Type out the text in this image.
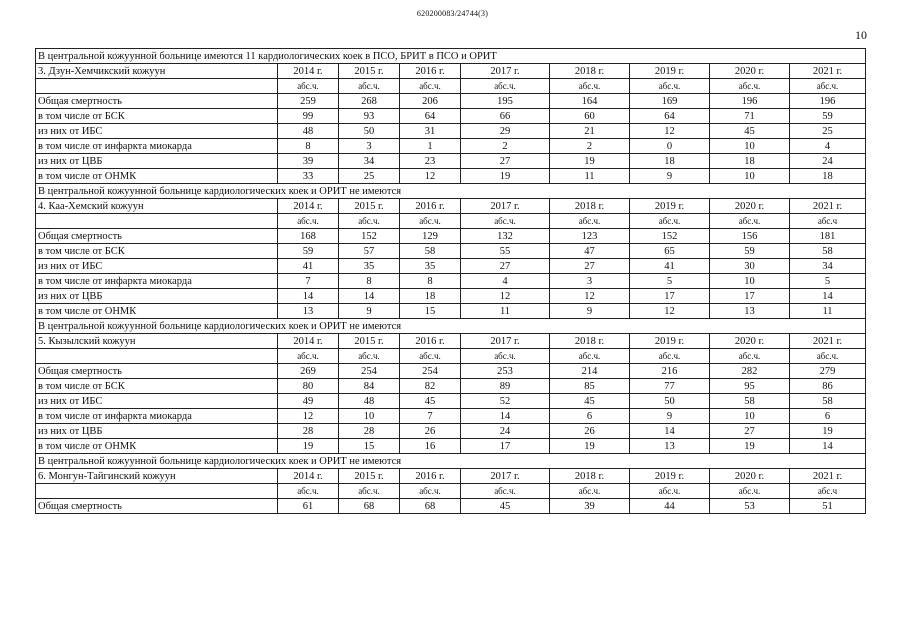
620200083/24744(3)
10
В центральной кожуунной больнице имеются 11 кардиологических коек в ПСО, БРИТ в ПСО и ОРИТ								
3. Дзун-Хемчикский кожуун	2014 г.	2015 г.	2016 г.	2017 г.	2018 г.	2019 г.	2020 г.	2021 г.
	абс.ч.	абс.ч.	абс.ч.	абс.ч.	абс.ч.	абс.ч.	абс.ч.	абс.ч.
Общая смертность	259	268	206	195	164	169	196	196
в том числе от БСК	99	93	64	66	60	64	71	59
из них от ИБС	48	50	31	29	21	12	45	25
в том числе от инфаркта миокарда	8	3	1	2	2	0	10	4
из них от ЦВБ	39	34	23	27	19	18	18	24
в том числе от ОНМК	33	25	12	19	11	9	10	18
В центральной кожуунной больнице кардиологических коек и ОРИТ не имеются								
4. Каа-Хемский кожуун	2014 г.	2015 г.	2016 г.	2017 г.	2018 г.	2019 г.	2020 г.	2021 г.
	абс.ч.	абс.ч.	абс.ч.	абс.ч.	абс.ч.	абс.ч.	абс.ч.	абс.ч
Общая смертность	168	152	129	132	123	152	156	181
в том числе от БСК	59	57	58	55	47	65	59	58
из них от ИБС	41	35	35	27	27	41	30	34
в том числе от инфаркта миокарда	7	8	8	4	3	5	10	5
из них от ЦВБ	14	14	18	12	12	17	17	14
в том числе от ОНМК	13	9	15	11	9	12	13	11
В центральной кожуунной больнице кардиологических коек и ОРИТ не имеются								
5. Кызылский кожуун	2014 г.	2015 г.	2016 г.	2017 г.	2018 г.	2019 г.	2020 г.	2021 г.
	абс.ч.	абс.ч.	абс.ч.	абс.ч.	абс.ч.	абс.ч.	абс.ч.	абс.ч.
Общая смертность	269	254	254	253	214	216	282	279
в том числе от БСК	80	84	82	89	85	77	95	86
из них от ИБС	49	48	45	52	45	50	58	58
в том числе от инфаркта миокарда	12	10	7	14	6	9	10	6
из них от ЦВБ	28	28	26	24	26	14	27	19
в том числе от ОНМК	19	15	16	17	19	13	19	14
В центральной кожуунной больнице кардиологических коек и ОРИТ не имеются								
6. Монгун-Тайгинский кожуун	2014 г.	2015 г.	2016 г.	2017 г.	2018 г.	2019 г.	2020 г.	2021 г.
	абс.ч.	абс.ч.	абс.ч.	абс.ч.	абс.ч.	абс.ч.	абс.ч.	абс.ч
Общая смертность	61	68	68	45	39	44	53	51
